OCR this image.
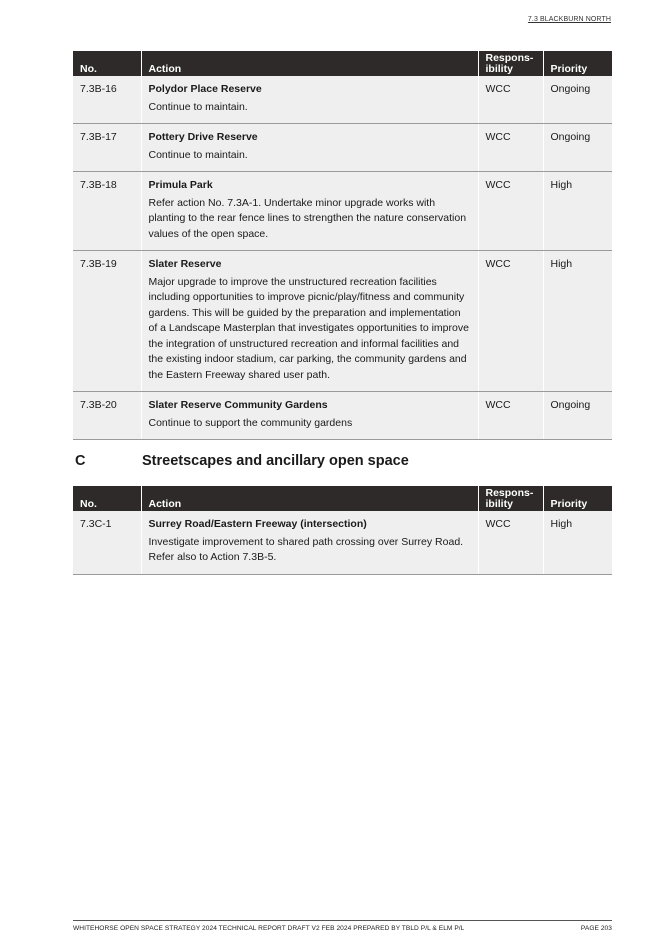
7.3 BLACKBURN NORTH
No.	Action	Respons-
ibility	Priority
7.3B-16	Polydor Place Reserve
Continue to maintain.	WCC	Ongoing
7.3B-17	Pottery Drive Reserve
Continue to maintain.	WCC	Ongoing
7.3B-18	Primula Park
Refer action No. 7.3A-1. Undertake minor upgrade works with planting to the rear fence lines to strengthen the nature conservation values of the open space.	WCC	High
7.3B-19	Slater Reserve
Major upgrade to improve the unstructured recreation facilities including opportunities to improve picnic/play/fitness and community gardens. This will be guided by the preparation and implementation of a Landscape Masterplan that investigates opportunities to improve the integration of unstructured recreation and informal facilities and the existing indoor stadium, car parking, the community gardens and the Eastern Freeway shared user path.	WCC	High
7.3B-20	Slater Reserve Community Gardens
Continue to support the community gardens	WCC	Ongoing
C	Streetscapes and ancillary open space
No.	Action	Respons-
ibility	Priority
7.3C-1	Surrey Road/Eastern Freeway (intersection)
Investigate improvement to shared path crossing over Surrey Road. Refer also to Action 7.3B-5.	WCC	High
WHITEHORSE OPEN SPACE STRATEGY 2024 TECHNICAL REPORT DRAFT V2 FEB 2024 PREPARED BY TBLD P/L & ELM P/L	PAGE 203
